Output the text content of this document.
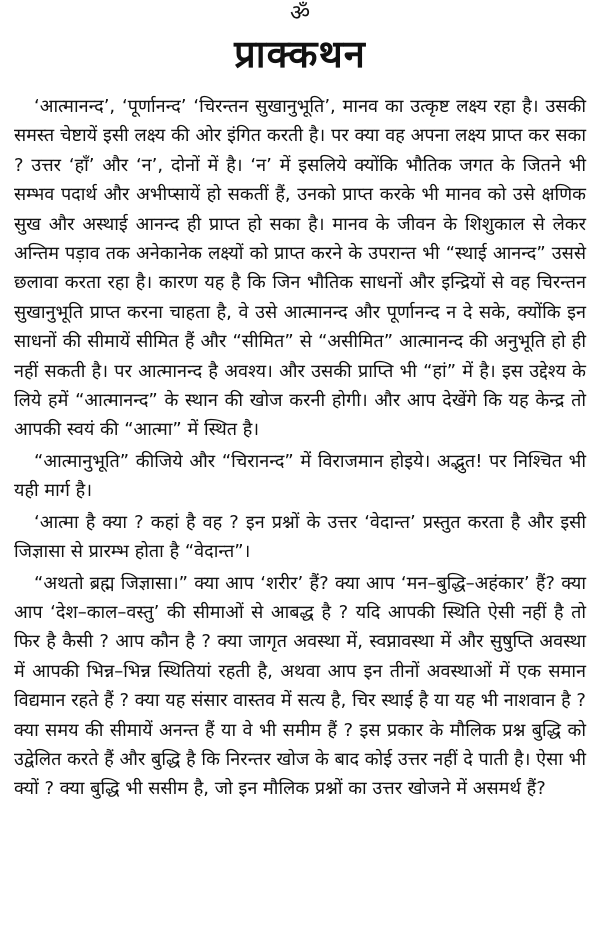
ॐ
प्राक्कथन

‘आत्मानन्द’, ‘पूर्णानन्द’ ‘चिरन्तन सुखानुभूति’, मानव का उत्कृष्ट लक्ष्य रहा है। उसकी समस्त चेष्टायें इसी लक्ष्य की ओर इंगित करती है। पर क्या वह अपना लक्ष्य प्राप्त कर सका ? उत्तर ‘हाँ’ और ‘न’, दोनों में है। ‘न’ में इसलिये क्योंकि भौतिक जगत के जितने भी सम्भव पदार्थ और अभीप्सायें हो सकतीं हैं, उनको प्राप्त करके भी मानव को उसे क्षणिक सुख और अस्थाई आनन्द ही प्राप्त हो सका है। मानव के जीवन के शिशुकाल से लेकर अन्तिम पड़ाव तक अनेकानेक लक्ष्यों को प्राप्त करने के उपरान्त भी “स्थाई आनन्द” उससे छलावा करता रहा है। कारण यह है कि जिन भौतिक साधनों और इन्द्रियों से वह चिरन्तन सुखानुभूति प्राप्त करना चाहता है, वे उसे आत्मानन्द और पूर्णानन्द न दे सके, क्योंकि इन साधनों की सीमायें सीमित हैं और “सीमित” से “असीमित” आत्मानन्द की अनुभूति हो ही नहीं सकती है। पर आत्मानन्द है अवश्य। और उसकी प्राप्ति भी “हां” में है। इस उद्देश्य के लिये हमें “आत्मानन्द” के स्थान की खोज करनी होगी। और आप देखेंगे कि यह केन्द्र तो आपकी स्वयं की “आत्मा” में स्थित है।

“आत्मानुभूति” कीजिये और “चिरानन्द” में विराजमान होइये। अद्भुत! पर निश्चित भी यही मार्ग है।

‘आत्मा है क्या ? कहां है वह ? इन प्रश्नों के उत्तर ‘वेदान्त’ प्रस्तुत करता है और इसी जिज्ञासा से प्रारम्भ होता है “वेदान्त”।

“अथतो ब्रह्म जिज्ञासा।” क्या आप ‘शरीर’ हैं? क्या आप ‘मन–बुद्धि–अहंकार’ हैं? क्या आप ‘देश–काल–वस्तु’ की सीमाओं से आबद्ध है ? यदि आपकी स्थिति ऐसी नहीं है तो फिर है कैसी ? आप कौन है ? क्या जागृत अवस्था में, स्वप्नावस्था में और सुषुप्ति अवस्था में आपकी भिन्न–भिन्न स्थितियां रहती है, अथवा आप इन तीनों अवस्थाओं में एक समान विद्यमान रहते हैं ? क्या यह संसार वास्तव में सत्य है, चिर स्थाई है या यह भी नाशवान है ? क्या समय की सीमायें अनन्त हैं या वे भी समीम हैं ? इस प्रकार के मौलिक प्रश्न बुद्धि को उद्वेलित करते हैं और बुद्धि है कि निरन्तर खोज के बाद कोई उत्तर नहीं दे पाती है। ऐसा भी क्यों ? क्या बुद्धि भी ससीम है, जो इन मौलिक प्रश्नों का उत्तर खोजने में असमर्थ हैं?
